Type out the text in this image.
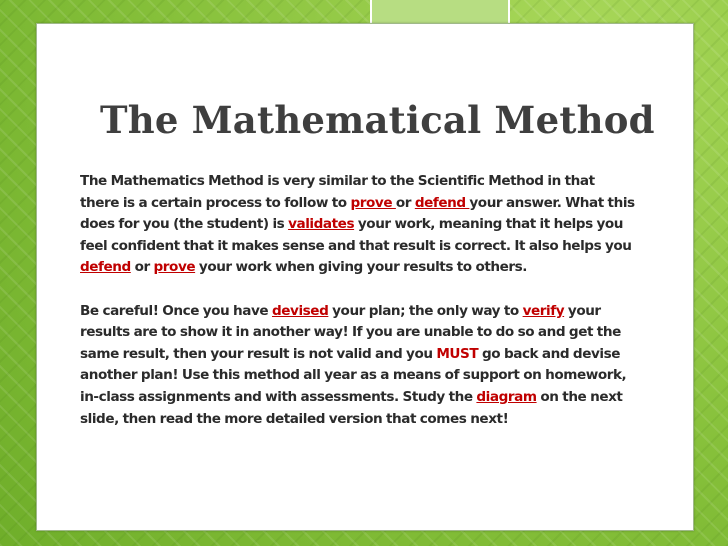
The Mathematical Method

The Mathematics Method is very similar to the Scientific Method in that there is a certain process to follow to prove or defend your answer. What this does for you (the student) is validates your work, meaning that it helps you feel confident that it makes sense and that result is correct. It also helps you defend or prove your work when giving your results to others.

Be careful! Once you have devised your plan; the only way to verify your results are to show it in another way! If you are unable to do so and get the same result, then your result is not valid and you MUST go back and devise another plan! Use this method all year as a means of support on homework, in-class assignments and with assessments. Study the diagram on the next slide, then read the more detailed version that comes next!
